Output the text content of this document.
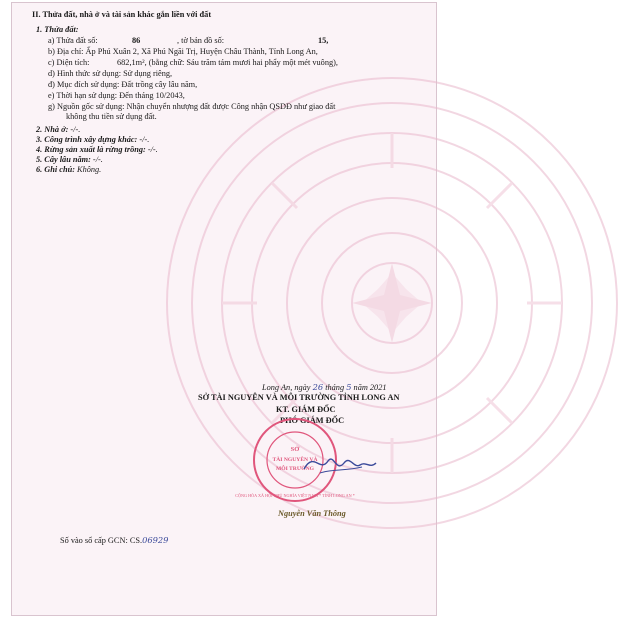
II. Thửa đất, nhà ở và tài sản khác gắn liền với đất
1. Thửa đất:
a) Thửa đất số:	86	, tờ bản đồ số:	15,
b) Địa chỉ: Ấp Phú Xuân 2, Xã Phú Ngãi Trị, Huyện Châu Thành, Tỉnh Long An,
c) Diện tích:	682,1m², (bằng chữ: Sáu trăm tám mươi hai phẩy một mét vuông),
d) Hình thức sử dụng: Sử dụng riêng,
đ) Mục đích sử dụng: Đất trồng cây lâu năm,
e) Thời hạn sử dụng: Đến tháng 10/2043,
g) Nguồn gốc sử dụng: Nhận chuyển nhượng đất được Công nhận QSDĐ như giao đất
không thu tiền sử dụng đất.
2. Nhà ở: -/-.
3. Công trình xây dựng khác: -/-.
4. Rừng sản xuất là rừng trồng: -/-.
5. Cây lâu năm: -/-.
6. Ghi chú: Không.
Long An, ngày 26 tháng 5 năm 2021
SỞ TÀI NGUYÊN VÀ MÔI TRƯỜNG TỈNH LONG AN
KT. GIÁM ĐỐC
PHÓ GIÁM ĐỐC
SỞ
TÀI NGUYÊN VÀ
MÔI TRƯỜNG
CỘNG HÒA XÃ HỘI CHỦ NGHĨA VIỆT NAM * TỈNH LONG AN *
Nguyễn Văn Thông
Số vào sổ cấp GCN: CS.06929
